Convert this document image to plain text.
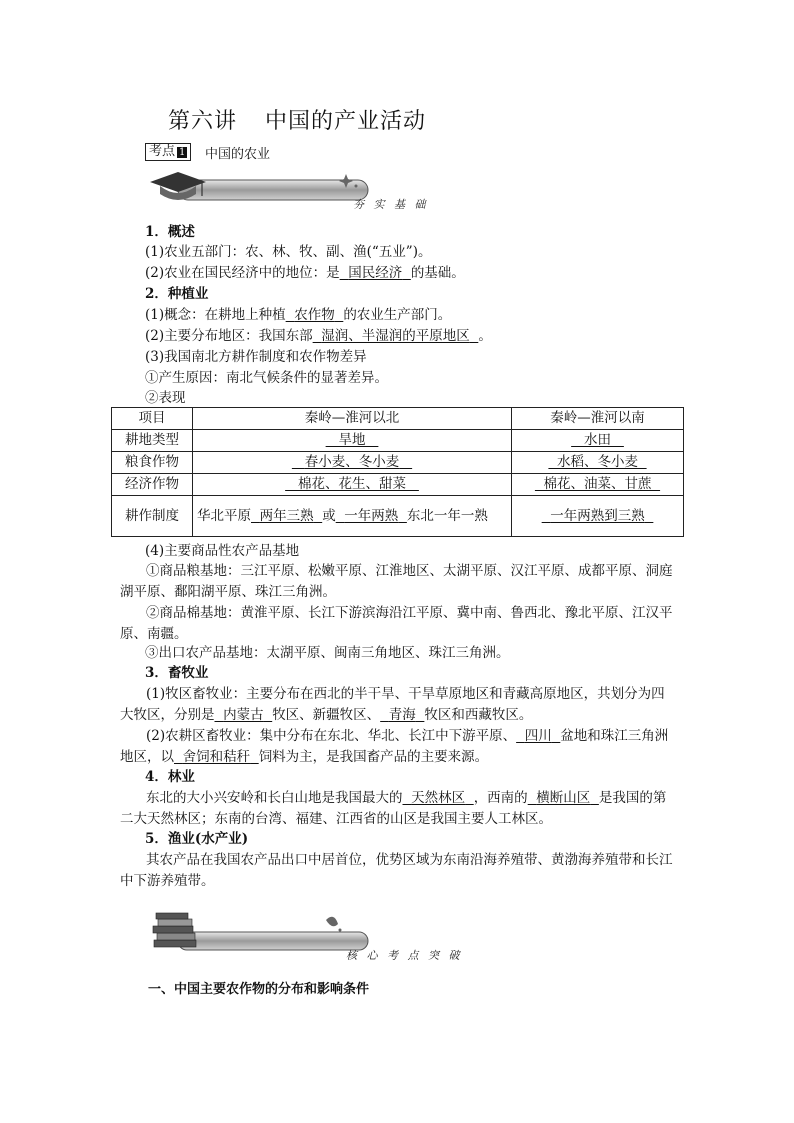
第六讲 中国的产业活动
考点 1	中国的农业
夯 实 基 础
1．概述
(1)农业五部门：农、林、牧、副、渔(“五业”)。
(2)农业在国民经济中的地位：是 国民经济 的基础。
2．种植业
(1)概念：在耕地上种植 农作物 的农业生产部门。
(2)主要分布地区：我国东部 湿润、半湿润的平原地区 。
(3)我国南北方耕作制度和农作物差异
①产生原因：南北气候条件的显著差异。
②表现
项目	秦岭—淮河以北	秦岭—淮河以南
耕地类型	旱地	水田
粮食作物	春小麦、冬小麦	水稻、冬小麦
经济作物	棉花、花生、甜菜	棉花、油菜、甘蔗
耕作制度	华北平原 两年三熟 或 一年两熟 东北一年一熟	一年两熟到三熟
(4)主要商品性农产品基地

①商品粮基地：三江平原、松嫩平原、江淮地区、太湖平原、汉江平原、成都平原、洞庭湖平原、鄱阳湖平原、珠江三角洲。

②商品棉基地：黄淮平原、长江下游滨海沿江平原、冀中南、鲁西北、豫北平原、江汉平原、南疆。

③出口农产品基地：太湖平原、闽南三角地区、珠江三角洲。
3．畜牧业

(1)牧区畜牧业：主要分布在西北的半干旱、干旱草原地区和青藏高原地区，共划分为四大牧区，分别是 内蒙古 牧区、新疆牧区、 青海 牧区和西藏牧区。

(2)农耕区畜牧业：集中分布在东北、华北、长江中下游平原、 四川 盆地和珠江三角洲地区，以 舍饲和秸秆 饲料为主，是我国畜产品的主要来源。

4．林业

东北的大小兴安岭和长白山地是我国最大的 天然林区 ，西南的 横断山区 是我国的第二大天然林区；东南的台湾、福建、江西省的山区是我国主要人工林区。

5．渔业(水产业)

其农产品在我国农产品出口中居首位，优势区域为东南沿海养殖带、黄渤海养殖带和长江中下游养殖带。

核 心 考 点 突 破
一、中国主要农作物的分布和影响条件
